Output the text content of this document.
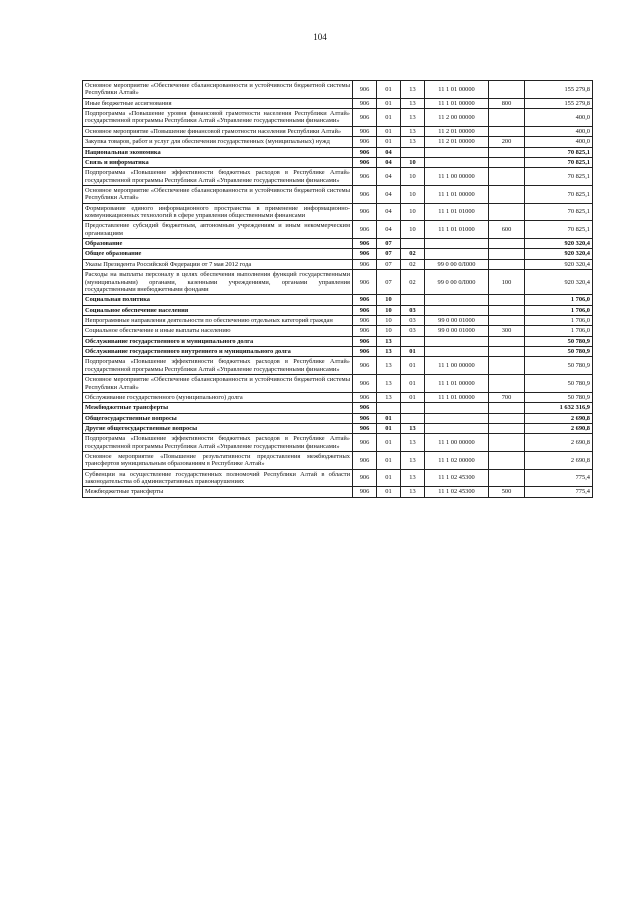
104
Основное мероприятие «Обеспечение сбалансированности и устойчивости бюджетной системы Республики Алтай»	906	01	13	11 1 01 00000		155 279,8
Иные бюджетные ассигнования	906	01	13	11 1 01 00000	800	155 279,8
Подпрограмма «Повышение уровня финансовой грамотности населения Республики Алтай» государственной программы Республики Алтай «Управление государственными финансами»	906	01	13	11 2 00 00000		400,0
Основное мероприятие «Повышение финансовой грамотности населения Республики Алтай»	906	01	13	11 2 01 00000		400,0
Закупка товаров, работ и услуг для обеспечения государственных (муниципальных) нужд	906	01	13	11 2 01 00000	200	400,0
Национальная экономика	906	04				70 825,1
Связь и информатика	906	04	10			70 825,1
Подпрограмма «Повышение эффективности бюджетных расходов в Республике Алтай» государственной программы Республики Алтай «Управление государственными финансами»	906	04	10	11 1 00 00000		70 825,1
Основное мероприятие «Обеспечение сбалансированности и устойчивости бюджетной системы Республики Алтай»	906	04	10	11 1 01 00000		70 825,1
Формирование единого информационного пространства в применение информационно-коммуникационных технологий в сфере управления общественными финансами	906	04	10	11 1 01 01000		70 825,1
Предоставление субсидий бюджетным, автономным учреждениям и иным некоммерческим организациям	906	04	10	11 1 01 01000	600	70 825,1
Образование	906	07				920 320,4
Общее образование	906	07	02			920 320,4
Указы Президента Российской Федерации от 7 мая 2012 года	906	07	02	99 0 00 0Л000		920 320,4
Расходы на выплаты персоналу в целях обеспечения выполнения функций государственными (муниципальными) органами, казенными учреждениями, органами управления государственными внебюджетными фондами	906	07	02	99 0 00 0Л000	100	920 320,4
Социальная политика	906	10				1 706,0
Социальное обеспечение населения	906	10	03			1 706,0
Непрограммные направления деятельности по обеспечению отдельных категорий граждан	906	10	03	99 0 00 01000		1 706,0
Социальное обеспечение и иные выплаты населению	906	10	03	99 0 00 01000	300	1 706,0
Обслуживание государственного и муниципального долга	906	13				50 780,9
Обслуживание государственного внутреннего и муниципального долга	906	13	01			50 780,9
Подпрограмма «Повышение эффективности бюджетных расходов в Республике Алтай» государственной программы Республики Алтай «Управление государственными финансами»	906	13	01	11 1 00 00000		50 780,9
Основное мероприятие «Обеспечение сбалансированности и устойчивости бюджетной системы Республики Алтай»	906	13	01	11 1 01 00000		50 780,9
Обслуживание государственного (муниципального) долга	906	13	01	11 1 01 00000	700	50 780,9
Межбюджетные трансферты	906					1 632 316,9
Общегосударственные вопросы	906	01				2 690,8
Другие общегосударственные вопросы	906	01	13			2 690,8
Подпрограмма «Повышение эффективности бюджетных расходов в Республике Алтай» государственной программы Республики Алтай «Управление государственными финансами»	906	01	13	11 1 00 00000		2 690,8
Основное мероприятие «Повышение результативности предоставления межбюджетных трансфертов муниципальным образованиям в Республике Алтай»	906	01	13	11 1 02 00000		2 690,8
Субвенции на осуществление государственных полномочий Республики Алтай в области законодательства об административных правонарушениях	906	01	13	11 1 02 45300		775,4
Межбюджетные трансферты	906	01	13	11 1 02 45300	500	775,4
